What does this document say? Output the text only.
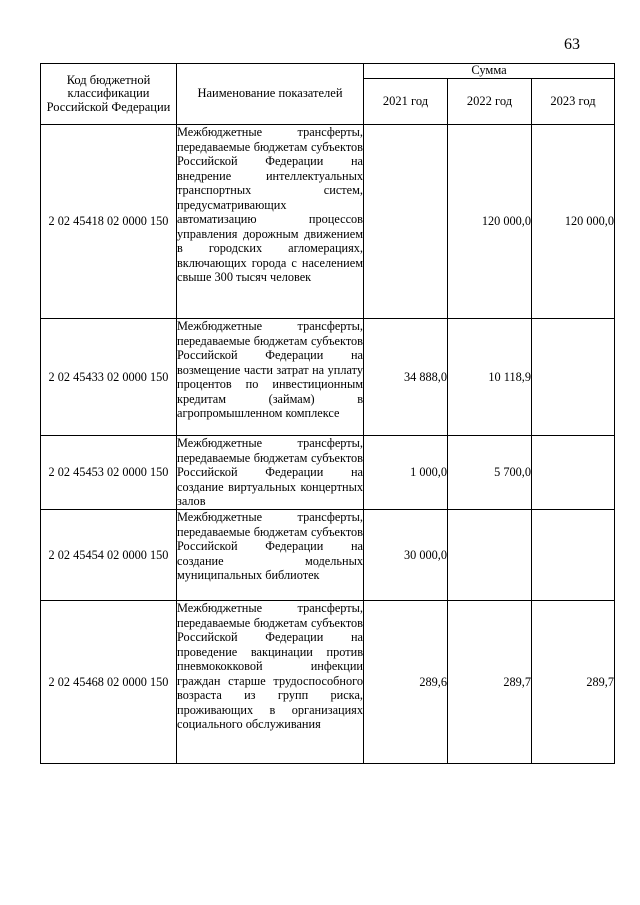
63
Код бюджетной классификации Российской Федерации	Наименование показателей	Сумма		
		2021 год	2022 год	2023 год
2 02 45418 02 0000 150	Межбюджетные трансферты, передаваемые бюджетам субъектов Российской Федерации на внедрение интеллектуальных транспортных систем, предусматривающих автоматизацию процессов управления дорожным движением в городских агломерациях, включающих города с населением свыше 300 тысяч человек		120 000,0	120 000,0
2 02 45433 02 0000 150	Межбюджетные трансферты, передаваемые бюджетам субъектов Российской Федерации на возмещение части затрат на уплату процентов по инвестиционным кредитам (займам) в агропромышленном комплексе	34 888,0	10 118,9	
2 02 45453 02 0000 150	Межбюджетные трансферты, передаваемые бюджетам субъектов Российской Федерации на создание виртуальных концертных залов	1 000,0	5 700,0	
2 02 45454 02 0000 150	Межбюджетные трансферты, передаваемые бюджетам субъектов Российской Федерации на создание модельных муниципальных библиотек	30 000,0		
2 02 45468 02 0000 150	Межбюджетные трансферты, передаваемые бюджетам субъектов Российской Федерации на проведение вакцинации против пневмококковой инфекции граждан старше трудоспособного возраста из групп риска, проживающих в организациях социального обслуживания	289,6	289,7	289,7
